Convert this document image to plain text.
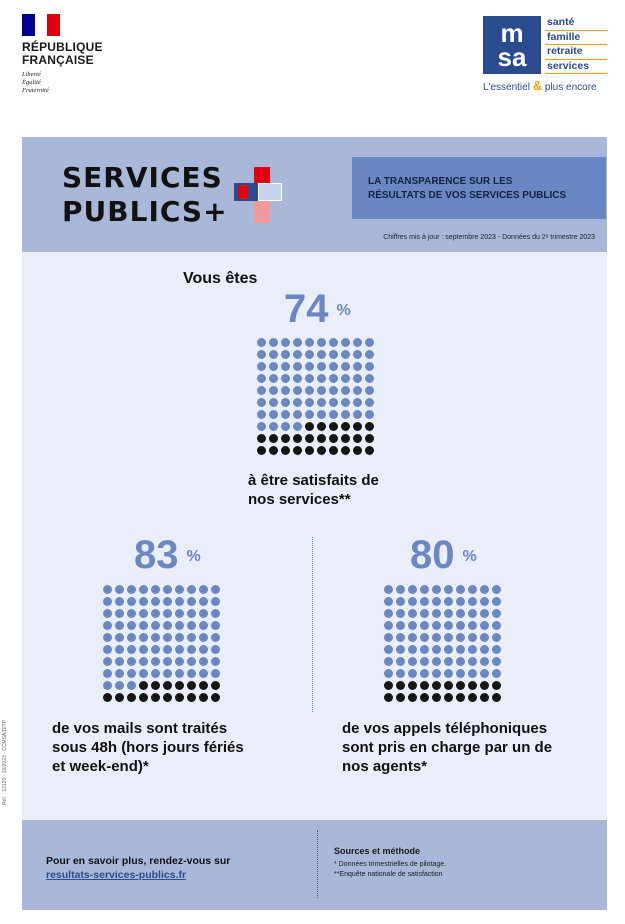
RÉPUBLIQUE
FRANÇAISE
Liberté
Égalité
Fraternité
m
sa
santé
famille
retraite
services
L'essentiel & plus encore
SERVICES
PUBLICS+
LA TRANSPARENCE SUR LES
RÉSULTATS DE VOS SERVICES PUBLICS
Chiffres mis à jour : septembre 2023 - Données du 2ᵉ trimestre 2023
Vous êtes
74 %
à être satisfaits de
nos services**
83 %
de vos mails sont traités
sous 48h (hors jours fériés
et week-end)*
80 %
de vos appels téléphoniques
sont pris en charge par un de
nos agents*
Pour en savoir plus, rendez-vous sur
resultats-services-publics.fr
Sources et méthode
* Données trimestrielles de pilotage.
**Enquête nationale de satisfaction
Réf. : 12120 - 10/2023 - CCMSA/DITP
